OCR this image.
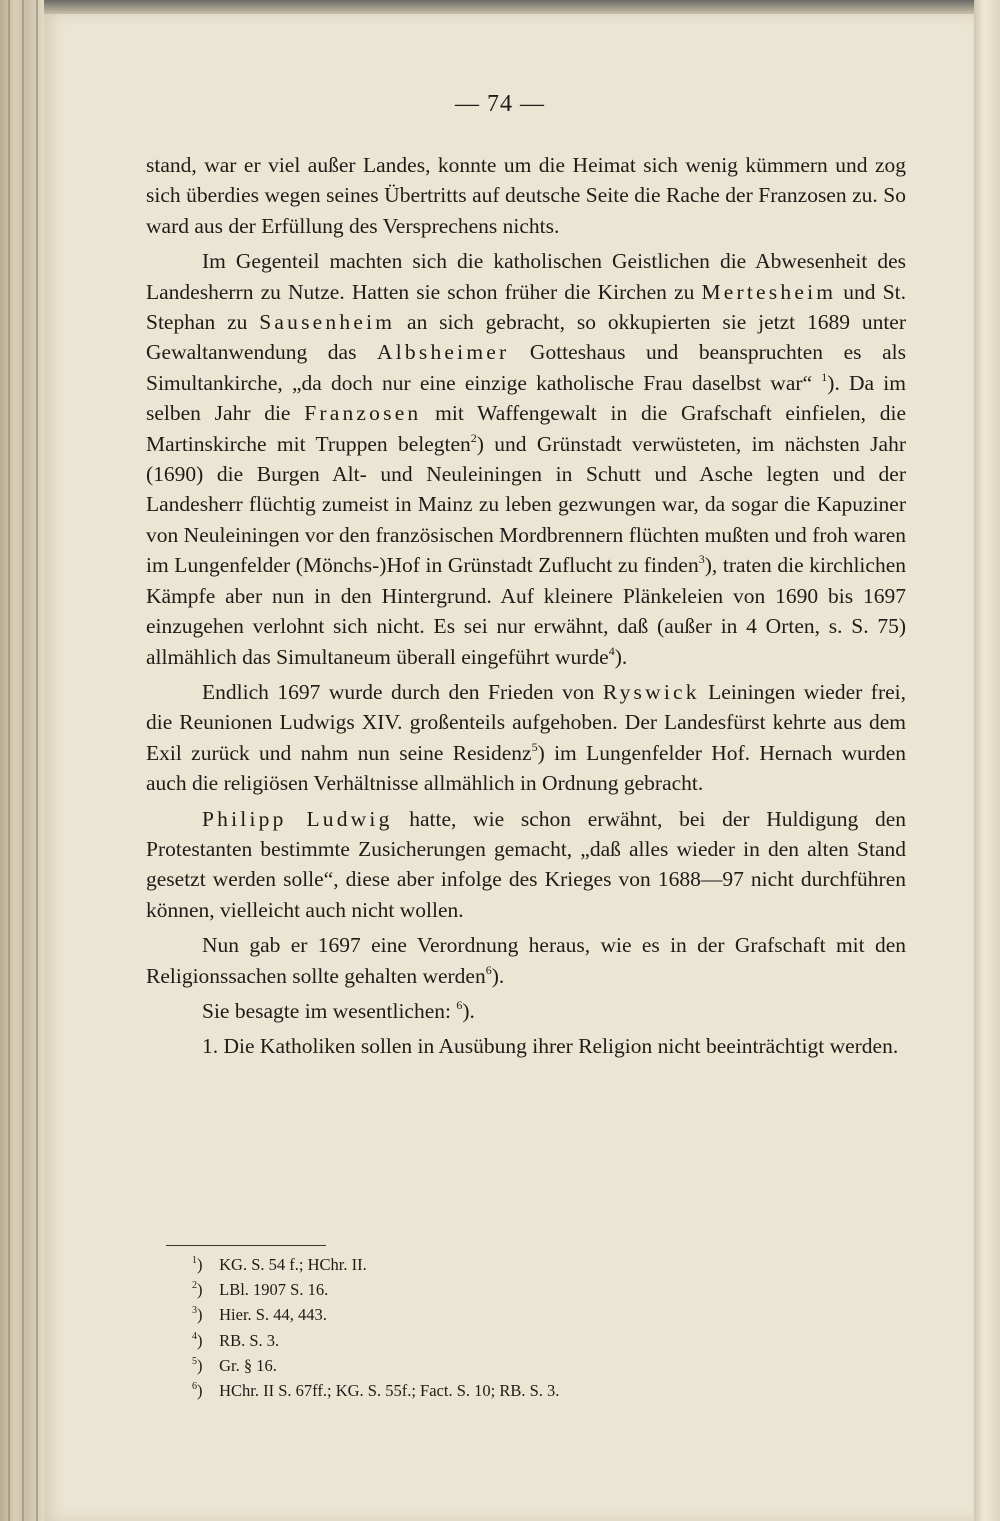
— 74 —

stand, war er viel außer Landes, konnte um die Heimat sich wenig kümmern und zog sich überdies wegen seines Übertritts auf deutsche Seite die Rache der Franzosen zu. So ward aus der Erfüllung des Versprechens nichts.

Im Gegenteil machten sich die katholischen Geistlichen die Abwesenheit des Landesherrn zu Nutze. Hatten sie schon früher die Kirchen zu Mertesheim und St. Stephan zu Sausenheim an sich gebracht, so okkupierten sie jetzt 1689 unter Gewaltanwendung das Albsheimer Gotteshaus und beanspruchten es als Simultankirche, „da doch nur eine einzige katholische Frau daselbst war“ $^1$). Da im selben Jahr die Franzosen mit Waffengewalt in die Grafschaft einfielen, die Martinskirche mit Truppen belegten$^2$) und Grünstadt verwüsteten, im nächsten Jahr (1690) die Burgen Alt- und Neuleiningen in Schutt und Asche legten und der Landesherr flüchtig zumeist in Mainz zu leben gezwungen war, da sogar die Kapuziner von Neuleiningen vor den französischen Mordbrennern flüchten mußten und froh waren im Lungenfelder (Mönchs-)Hof in Grünstadt Zuflucht zu finden$^3$), traten die kirchlichen Kämpfe aber nun in den Hintergrund. Auf kleinere Plänkeleien von 1690 bis 1697 einzugehen verlohnt sich nicht. Es sei nur erwähnt, daß (außer in 4 Orten, s. S. 75) allmählich das Simultaneum überall eingeführt wurde$^4$).

Endlich 1697 wurde durch den Frieden von Ryswick Leiningen wieder frei, die Reunionen Ludwigs XIV. großenteils aufgehoben. Der Landesfürst kehrte aus dem Exil zurück und nahm nun seine Residenz$^5$) im Lungenfelder Hof. Hernach wurden auch die religiösen Verhältnisse allmählich in Ordnung gebracht.

Philipp Ludwig hatte, wie schon erwähnt, bei der Huldigung den Protestanten bestimmte Zusicherungen gemacht, „daß alles wieder in den alten Stand gesetzt werden solle“, diese aber infolge des Krieges von 1688—97 nicht durchführen können, vielleicht auch nicht wollen.

Nun gab er 1697 eine Verordnung heraus, wie es in der Grafschaft mit den Religionssachen sollte gehalten werden$^6$).

Sie besagte im wesentlichen: $^6$).

1. Die Katholiken sollen in Ausübung ihrer Religion nicht beeinträchtigt werden.

$^1$) KG. S. 54 f.; HChr. II.
$^2$) LBl. 1907 S. 16.
$^3$) Hier. S. 44, 443.
$^4$) RB. S. 3.
$^5$) Gr. § 16.
$^6$) HChr. II S. 67ff.; KG. S. 55f.; Fact. S. 10; RB. S. 3.
